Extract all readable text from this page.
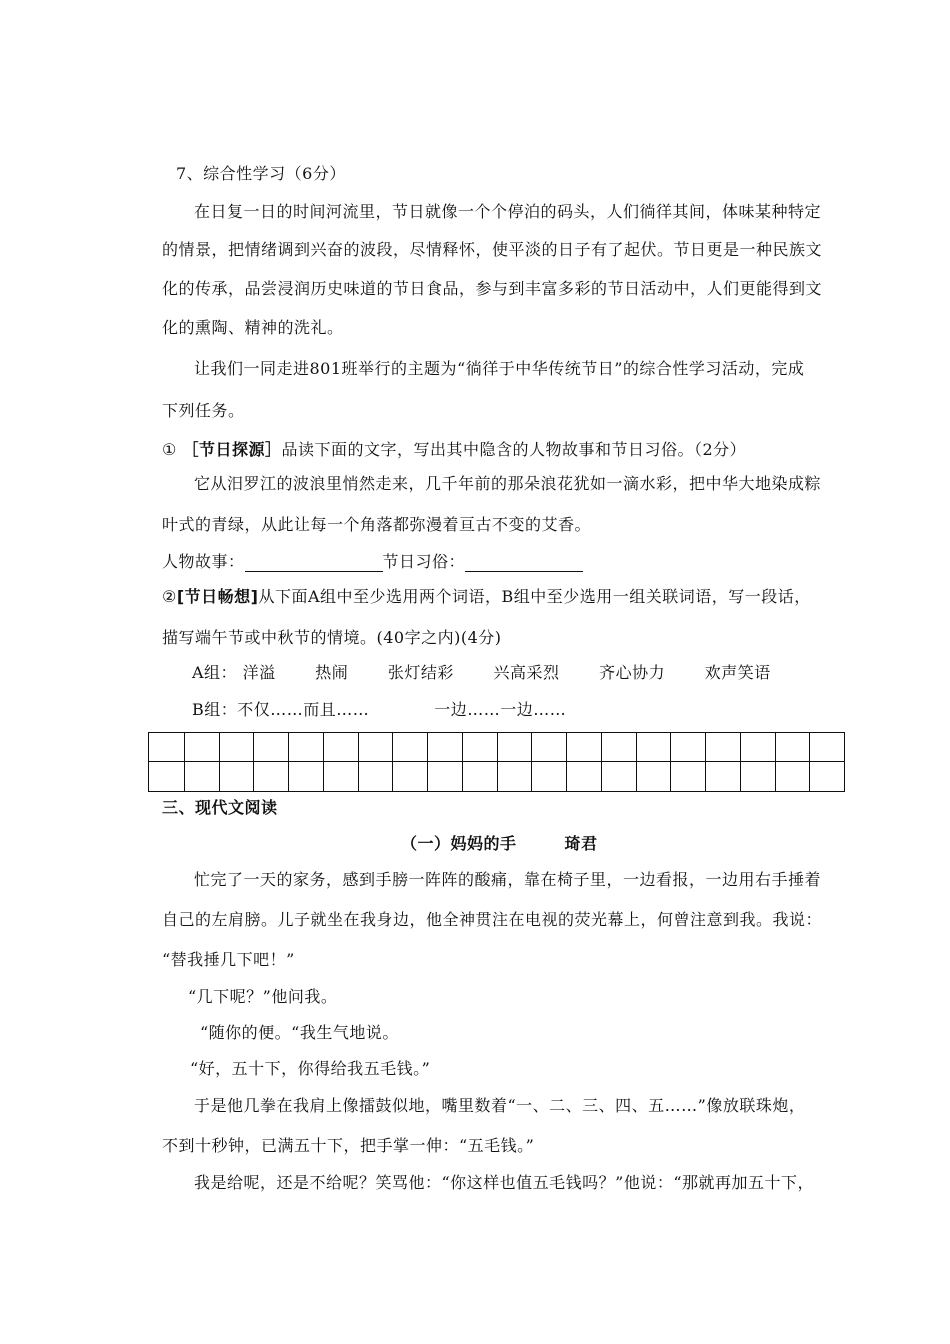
7、综合性学习（6分）
在日复一日的时间河流里，节日就像一个个停泊的码头，人们徜徉其间，体味某种特定
的情景，把情绪调到兴奋的波段，尽情释怀，使平淡的日子有了起伏。节日更是一种民族文
化的传承，品尝浸润历史味道的节日食品，参与到丰富多彩的节日活动中，人们更能得到文
化的熏陶、精神的洗礼。
让我们一同走进801班举行的主题为“徜徉于中华传统节日”的综合性学习活动，完成
下列任务。
① ［节日探源］品读下面的文字，写出其中隐含的人物故事和节日习俗。（2分）
它从汨罗江的波浪里悄然走来，几千年前的那朵浪花犹如一滴水彩，把中华大地染成粽
叶式的青绿，从此让每一个角落都弥漫着亘古不变的艾香。
人物故事：	节日习俗：
②[节日畅想]从下面A组中至少选用两个词语，B组中至少选用一组关联词语，写一段话，
描写端午节或中秋节的情境。(40字之内)(4分)
A组： 洋溢 热闹 张灯结彩 兴高采烈 齐心协力 欢声笑语
B组：不仅……而且……	一边……一边……
三、现代文阅读
（一）妈妈的手	琦君
忙完了一天的家务，感到手膀一阵阵的酸痛，靠在椅子里，一边看报，一边用右手捶着
自己的左肩膀。儿子就坐在我身边，他全神贯注在电视的荧光幕上，何曾注意到我。我说：
“替我捶几下吧！”
“几下呢？”他问我。
“随你的便。“我生气地说。
“好，五十下，你得给我五毛钱。”
于是他几拳在我肩上像擂鼓似地，嘴里数着“一、二、三、四、五……”像放联珠炮，
不到十秒钟，已满五十下，把手掌一伸：“五毛钱。”
我是给呢，还是不给呢？笑骂他：“你这样也值五毛钱吗？”他说：“那就再加五十下，
